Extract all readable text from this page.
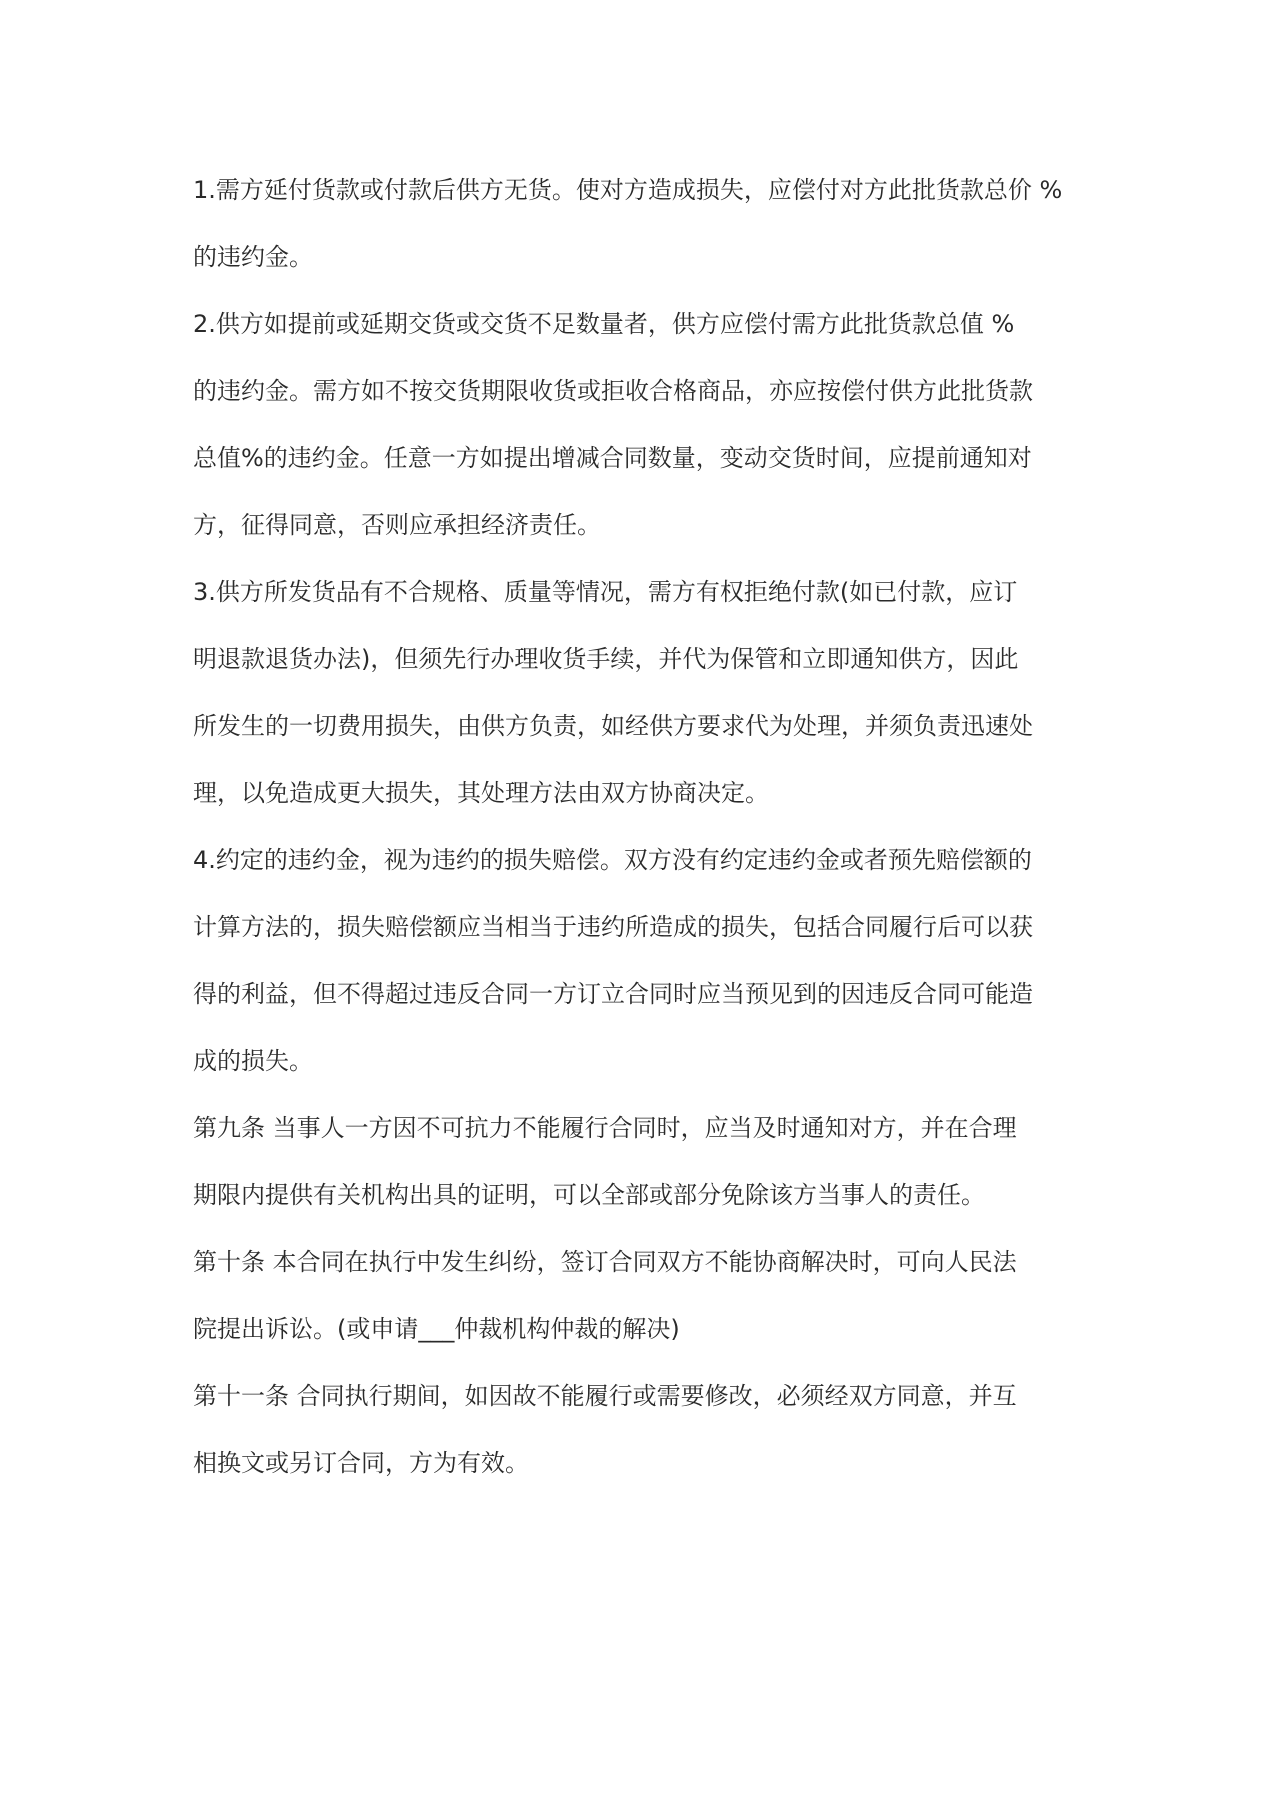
1.需方延付货款或付款后供方无货。使对方造成损失，应偿付对方此批货款总价 %
的违约金。

2.供方如提前或延期交货或交货不足数量者，供方应偿付需方此批货款总值 %
的违约金。需方如不按交货期限收货或拒收合格商品，亦应按偿付供方此批货款
总值%的违约金。任意一方如提出增减合同数量，变动交货时间，应提前通知对
方，征得同意，否则应承担经济责任。

3.供方所发货品有不合规格、质量等情况，需方有权拒绝付款(如已付款，应订
明退款退货办法)，但须先行办理收货手续，并代为保管和立即通知供方，因此
所发生的一切费用损失，由供方负责，如经供方要求代为处理，并须负责迅速处
理，以免造成更大损失，其处理方法由双方协商决定。

4.约定的违约金，视为违约的损失赔偿。双方没有约定违约金或者预先赔偿额的
计算方法的，损失赔偿额应当相当于违约所造成的损失，包括合同履行后可以获
得的利益，但不得超过违反合同一方订立合同时应当预见到的因违反合同可能造
成的损失。

第九条 当事人一方因不可抗力不能履行合同时，应当及时通知对方，并在合理
期限内提供有关机构出具的证明，可以全部或部分免除该方当事人的责任。

第十条 本合同在执行中发生纠纷，签订合同双方不能协商解决时，可向人民法
院提出诉讼。(或申请___仲裁机构仲裁的解决)

第十一条 合同执行期间，如因故不能履行或需要修改，必须经双方同意，并互
相换文或另订合同，方为有效。
